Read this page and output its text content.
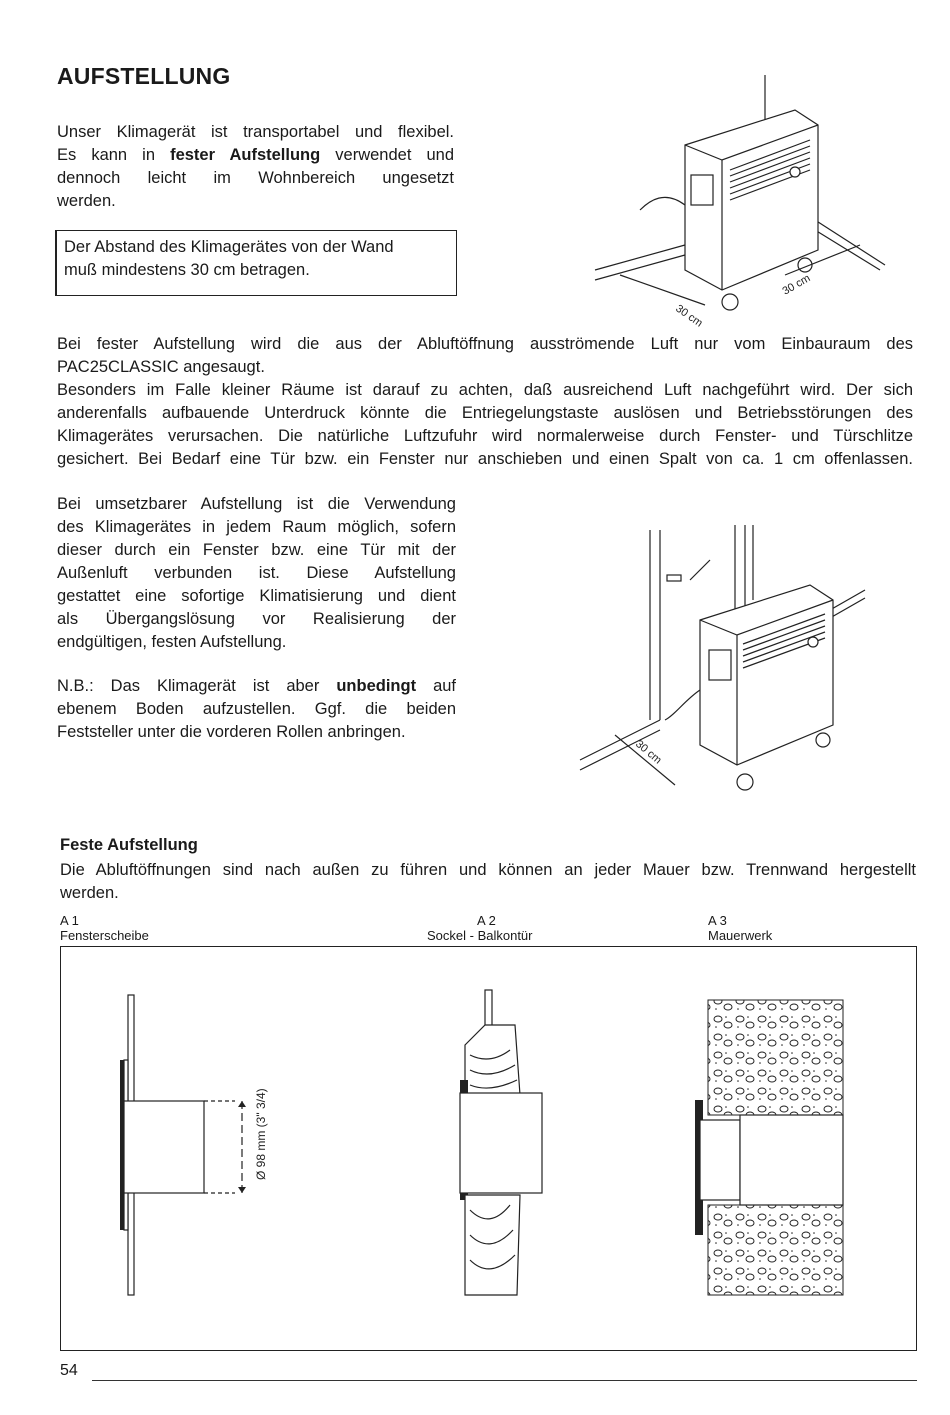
AUFSTELLUNG

Unser Klimagerät ist transportabel und flexibel.

Es kann in fester Aufstellung verwendet und

dennoch leicht im Wohnbereich ungesetzt

werden.

Der Abstand des Klimagerätes von der Wand

muß mindestens 30 cm betragen.

30 cm
30 cm

Bei fester Aufstellung wird die aus der Abluftöffnung ausströmende Luft nur vom Einbauraum des

PAC25CLASSIC angesaugt.

Besonders im Falle kleiner Räume ist darauf zu achten, daß ausreichend Luft nachgeführt wird. Der sich

anderenfalls aufbauende Unterdruck könnte die Entriegelungstaste auslösen und Betriebsstörungen des

Klimagerätes verursachen. Die natürliche Luftzufuhr wird normalerweise durch Fenster- und Türschlitze

gesichert. Bei Bedarf eine Tür bzw. ein Fenster nur anschieben und einen Spalt von ca. 1 cm offenlassen.

Bei umsetzbarer Aufstellung ist die Verwendung

des Klimagerätes in jedem Raum möglich, sofern

dieser durch ein Fenster bzw. eine Tür mit der

Außenluft verbunden ist. Diese Aufstellung

gestattet eine sofortige Klimatisierung und dient

als Übergangslösung vor Realisierung der

endgültigen, festen Aufstellung.

N.B.: Das Klimagerät ist aber unbedingt auf

ebenem Boden aufzustellen. Ggf. die beiden

Feststeller unter die vorderen Rollen anbringen.

30 cm
Feste Aufstellung

Die Abluftöffnungen sind nach außen zu führen und können an jeder Mauer bzw. Trennwand hergestellt

werden.

A 1
Fensterscheibe
A 2
Sockel - Balkontür
A 3
Mauerwerk
Ø 98 mm (3" 3/4)
54
